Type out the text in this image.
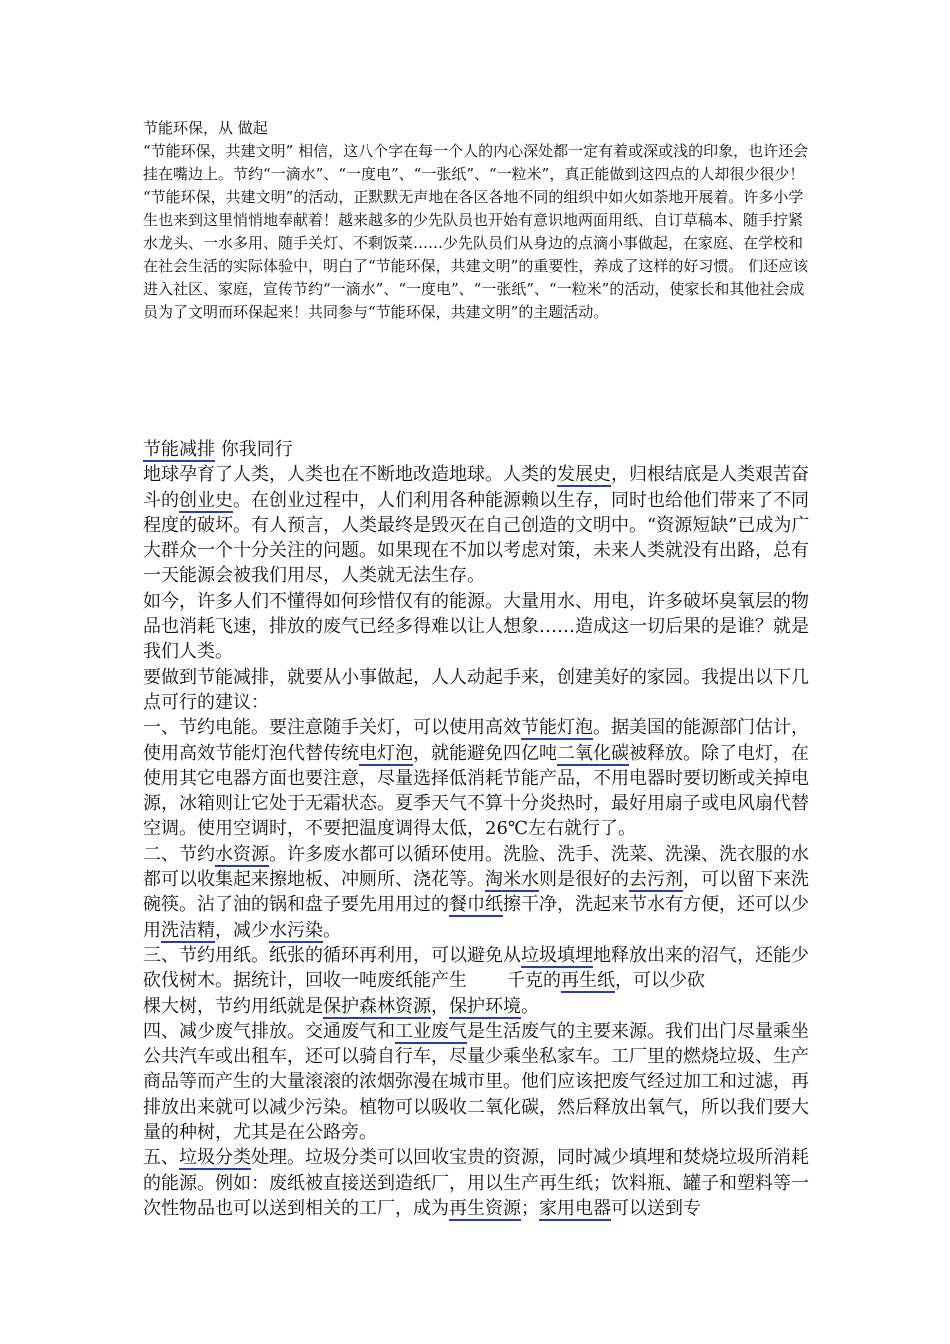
节能环保，从 做起

“节能环保，共建文明” 相信，这八个字在每一个人的内心深处都一定有着或深或浅的印象，也许还会挂在嘴边上。节约“一滴水”、“一度电”、“一张纸”、“一粒米”，真正能做到这四点的人却很少很少！

“节能环保，共建文明”的活动，正默默无声地在各区各地不同的组织中如火如荼地开展着。许多小学生也来到这里悄悄地奉献着！越来越多的少先队员也开始有意识地两面用纸、自订草稿本、随手拧紧水龙头、一水多用、随手关灯、不剩饭菜……少先队员们从身边的点滴小事做起，在家庭、在学校和在社会生活的实际体验中，明白了“节能环保，共建文明”的重要性，养成了这样的好习惯。 们还应该进入社区、家庭，宣传节约“一滴水”、“一度电”、“一张纸”、“一粒米”的活动，使家长和其他社会成员为了文明而环保起来！共同参与“节能环保，共建文明”的主题活动。

节能减排 你我同行

地球孕育了人类，人类也在不断地改造地球。人类的发展史，归根结底是人类艰苦奋斗的创业史。在创业过程中，人们利用各种能源赖以生存，同时也给他们带来了不同程度的破坏。有人预言，人类最终是毁灭在自己创造的文明中。“资源短缺”已成为广大群众一个十分关注的问题。如果现在不加以考虑对策，未来人类就没有出路，总有一天能源会被我们用尽，人类就无法生存。

如今，许多人们不懂得如何珍惜仅有的能源。大量用水、用电，许多破坏臭氧层的物品也消耗飞速，排放的废气已经多得难以让人想象……造成这一切后果的是谁？就是我们人类。

要做到节能减排，就要从小事做起，人人动起手来，创建美好的家园。我提出以下几点可行的建议：

一、节约电能。要注意随手关灯，可以使用高效节能灯泡。据美国的能源部门估计，使用高效节能灯泡代替传统电灯泡，就能避免四亿吨二氧化碳被释放。除了电灯，在使用其它电器方面也要注意，尽量选择低消耗节能产品，不用电器时要切断或关掉电源，冰箱则让它处于无霜状态。夏季天气不算十分炎热时，最好用扇子或电风扇代替空调。使用空调时，不要把温度调得太低，26℃左右就行了。

二、节约水资源。许多废水都可以循环使用。洗脸、洗手、洗菜、洗澡、洗衣服的水都可以收集起来擦地板、冲厕所、浇花等。淘米水则是很好的去污剂，可以留下来洗碗筷。沾了油的锅和盘子要先用用过的餐巾纸擦干净，洗起来节水有方便，还可以少用洗洁精，减少水污染。

三、节约用纸。纸张的循环再利用，可以避免从垃圾填埋地释放出来的沼气，还能少砍伐树木。据统计，回收一吨废纸能产生 千克的再生纸，可以少砍
棵大树，节约用纸就是保护森林资源，保护环境。

四、减少废气排放。交通废气和工业废气是生活废气的主要来源。我们出门尽量乘坐公共汽车或出租车，还可以骑自行车，尽量少乘坐私家车。工厂里的燃烧垃圾、生产商品等而产生的大量滚滚的浓烟弥漫在城市里。他们应该把废气经过加工和过滤，再排放出来就可以减少污染。植物可以吸收二氧化碳，然后释放出氧气，所以我们要大量的种树，尤其是在公路旁。

五、垃圾分类处理。垃圾分类可以回收宝贵的资源，同时减少填埋和焚烧垃圾所消耗的能源。例如：废纸被直接送到造纸厂，用以生产再生纸；饮料瓶、罐子和塑料等一次性物品也可以送到相关的工厂，成为再生资源；家用电器可以送到专
